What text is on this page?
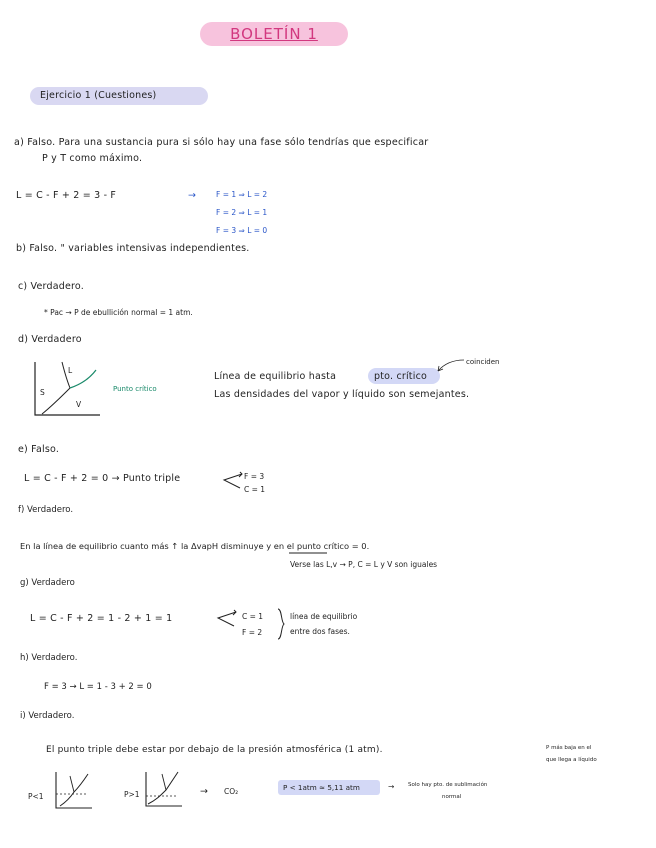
BOLETÍN 1
Ejercicio 1 (Cuestiones)
a) Falso. Para una sustancia pura si sólo hay una fase sólo tendrías que especificar
P y T como máximo.
L = C - F + 2 = 3 - F	→	F = 1 ⇒ L = 2
F = 2 ⇒ L = 1
F = 3 ⇒ L = 0
b) Falso. " variables intensivas independientes.
c) Verdadero.
* Pac → P de ebullición normal = 1 atm.
d) Verdadero
L
S
V
Punto crítico
Línea de equilibrio hasta	pto. crítico
coinciden
Las densidades del vapor y líquido son semejantes.
e) Falso.
L = C - F + 2 = 0 → Punto triple	F = 3
C = 1
f) Verdadero.
En la línea de equilibrio cuanto más ↑ la ΔvapH disminuye y en el punto crítico = 0.
Verse las L,v → P, C = L y V son iguales
g) Verdadero
L = C - F + 2 = 1 - 2 + 1 = 1	C = 1
F = 2
línea de equilibrio
entre dos fases.
h) Verdadero.
F = 3 → L = 1 - 3 + 2 = 0
i) Verdadero.
El punto triple debe estar por debajo de la presión atmosférica (1 atm).	P más baja en el
que llega a líquido
P<1	P>1	→ CO₂	P < 1atm ≈ 5,11 atm	→ Solo hay pto. de sublimación
normal
